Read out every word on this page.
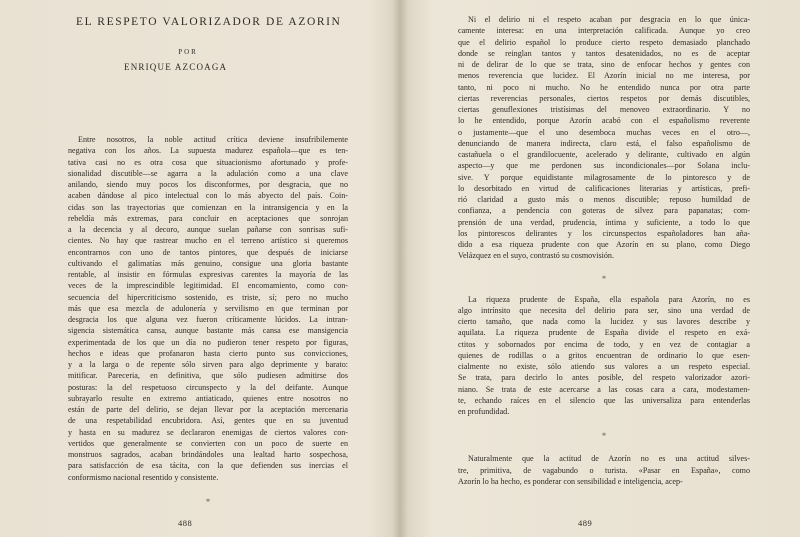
EL RESPETO VALORIZADOR DE AZORIN
POR
ENRIQUE AZCOAGA
Entre nosotros, la noble actitud crítica deviene insufribilemente
negativa con los años. La supuesta madurez española—que es ten-
tativa casi no es otra cosa que situacionismo afortunado y profe-
sionalidad discutible—se agarra a la adulación como a una clave
anilando, siendo muy pocos los disconformes, por desgracia, que no
acaben dándose al pico intelectual con lo más abyecto del país. Coin-
cidas son las trayectorias que comienzan en la intransigencia y en la
rebeldía más extremas, para concluir en aceptaciones que sonrojan
a la decencia y al decoro, aunque suelan pañarse con sonrisas sufi-
cientes. No hay que rastrear mucho en el terreno artístico si queremos
encontrarnos con uno de tantos pintores, que después de iniciarse
cultivando el galimatías más genuino, consigue una gloria bastante
rentable, al insistir en fórmulas expresivas carentes la mayoría de las
veces de la imprescindible legitimidad. El encomamiento, como con-
secuencia del hipercriticismo sostenido, es triste, sí; pero no mucho
más que esa mezcla de adulonería y servilismo en que terminan por
desgracia los que alguna vez fueron críticamente lúcidos. La intran-
sigencia sistemática cansa, aunque bastante más cansa ese mansigencia
experimentada de los que un día no pudieron tener respeto por figuras,
hechos e ideas que profanaron hasta cierto punto sus convicciones,
y a la larga o de repente sólo sirven para algo deprimente y barato:
mitificar. Pareceria, en definitiva, que sólo pudiesen admitirse dos
posturas: la del respetuoso circunspecto y la del deifante. Aunque
subrayarlo resulte en extremo antiaticado, quienes entre nosotros no
están de parte del delirio, se dejan llevar por la aceptación mercenaria
de una respetabilidad encubridora. Así, gentes que en su juventud
y hasta en su madurez se declararon enemigas de ciertos valores con-
vertidos que generalmente se convierten con un poco de suerte en
monstruos sagrados, acaban brindándoles una lealtad harto sospechosa,
para satisfacción de esa tácita, con la que defienden sus inercias el
conformismo nacional resentido y consistente.
*
488
Ni el delirio ni el respeto acaban por desgracia en lo que única-
camente interesa: en una interpretación calificada. Aunque yo creo
que el delirio español lo produce cierto respeto demasiado planchado
donde se reinglan tantos y tantos desatenidados, no es de aceptar
ni de delirar de lo que se trata, sino de enfocar hechos y gentes con
menos reverencia que lucidez. El Azorín inicial no me interesa, por
tanto, ni poco ni mucho. No he entendido nunca por otra parte
ciertas reverencias personales, ciertos respetos por demás discutibles,
ciertas genuflexiones tristísimas del menoveo extraordinario. Y no
lo he entendido, porque Azorín acabó con el españolismo reverente
o justamente—que el uno desemboca muchas veces en el otro—,
denunciando de manera indirecta, claro está, el falso españolismo de
castañuela o el grandilocuente, acelerado y delirante, cultivado en algún
aspecto—y que me perdonen sus incondicionales—por Solana inclu-
sive. Y porque equidistante milagrosamente de lo pintoresco y de
lo desorbitado en virtud de calificaciones literarias y artísticas, prefi-
rió claridad a gusto más o menos discutible; repuso humildad de
confianza, a pendencia con goteras de silvez para papanatas; com-
prensión de una verdad, prudencia, íntima y suficiente, a todo lo que
los pintorescos delirantes y los circunspectos españoladores han aña-
dido a esa riqueza prudente con que Azorín en su plano, como Diego
Velázquez en el suyo, contrastó su cosmovisión.
*
La riqueza prudente de España, ella española para Azorín, no es
algo intrínsito que necesita del delirio para ser, sino una verdad de
cierto tamaño, que nada como la lucidez y sus lavores describe y
aquilata. La riqueza prudente de España divide el respeto en exá-
ctitos y sobornados por encima de todo, y en vez de contagiar a
quienes de rodillas o a gritos encuentran de ordinario lo que esen-
cialmente no existe, sólo atiendo sus valores a un respeto especial.
Se trata, para decirlo lo antes posible, del respeto valorizador azori-
niano. Se trata de este acercarse a las cosas cara a cara, modestamen-
te, echando raíces en el silencio que las universaliza para entenderlas
en profundidad.
*
Naturalmente que la actitud de Azorín no es una actitud silves-
tre, primitiva, de vagabundo o turista. «Pasar en España», como
Azorín lo ha hecho, es ponderar con sensibilidad e inteligencia, acep-
489
